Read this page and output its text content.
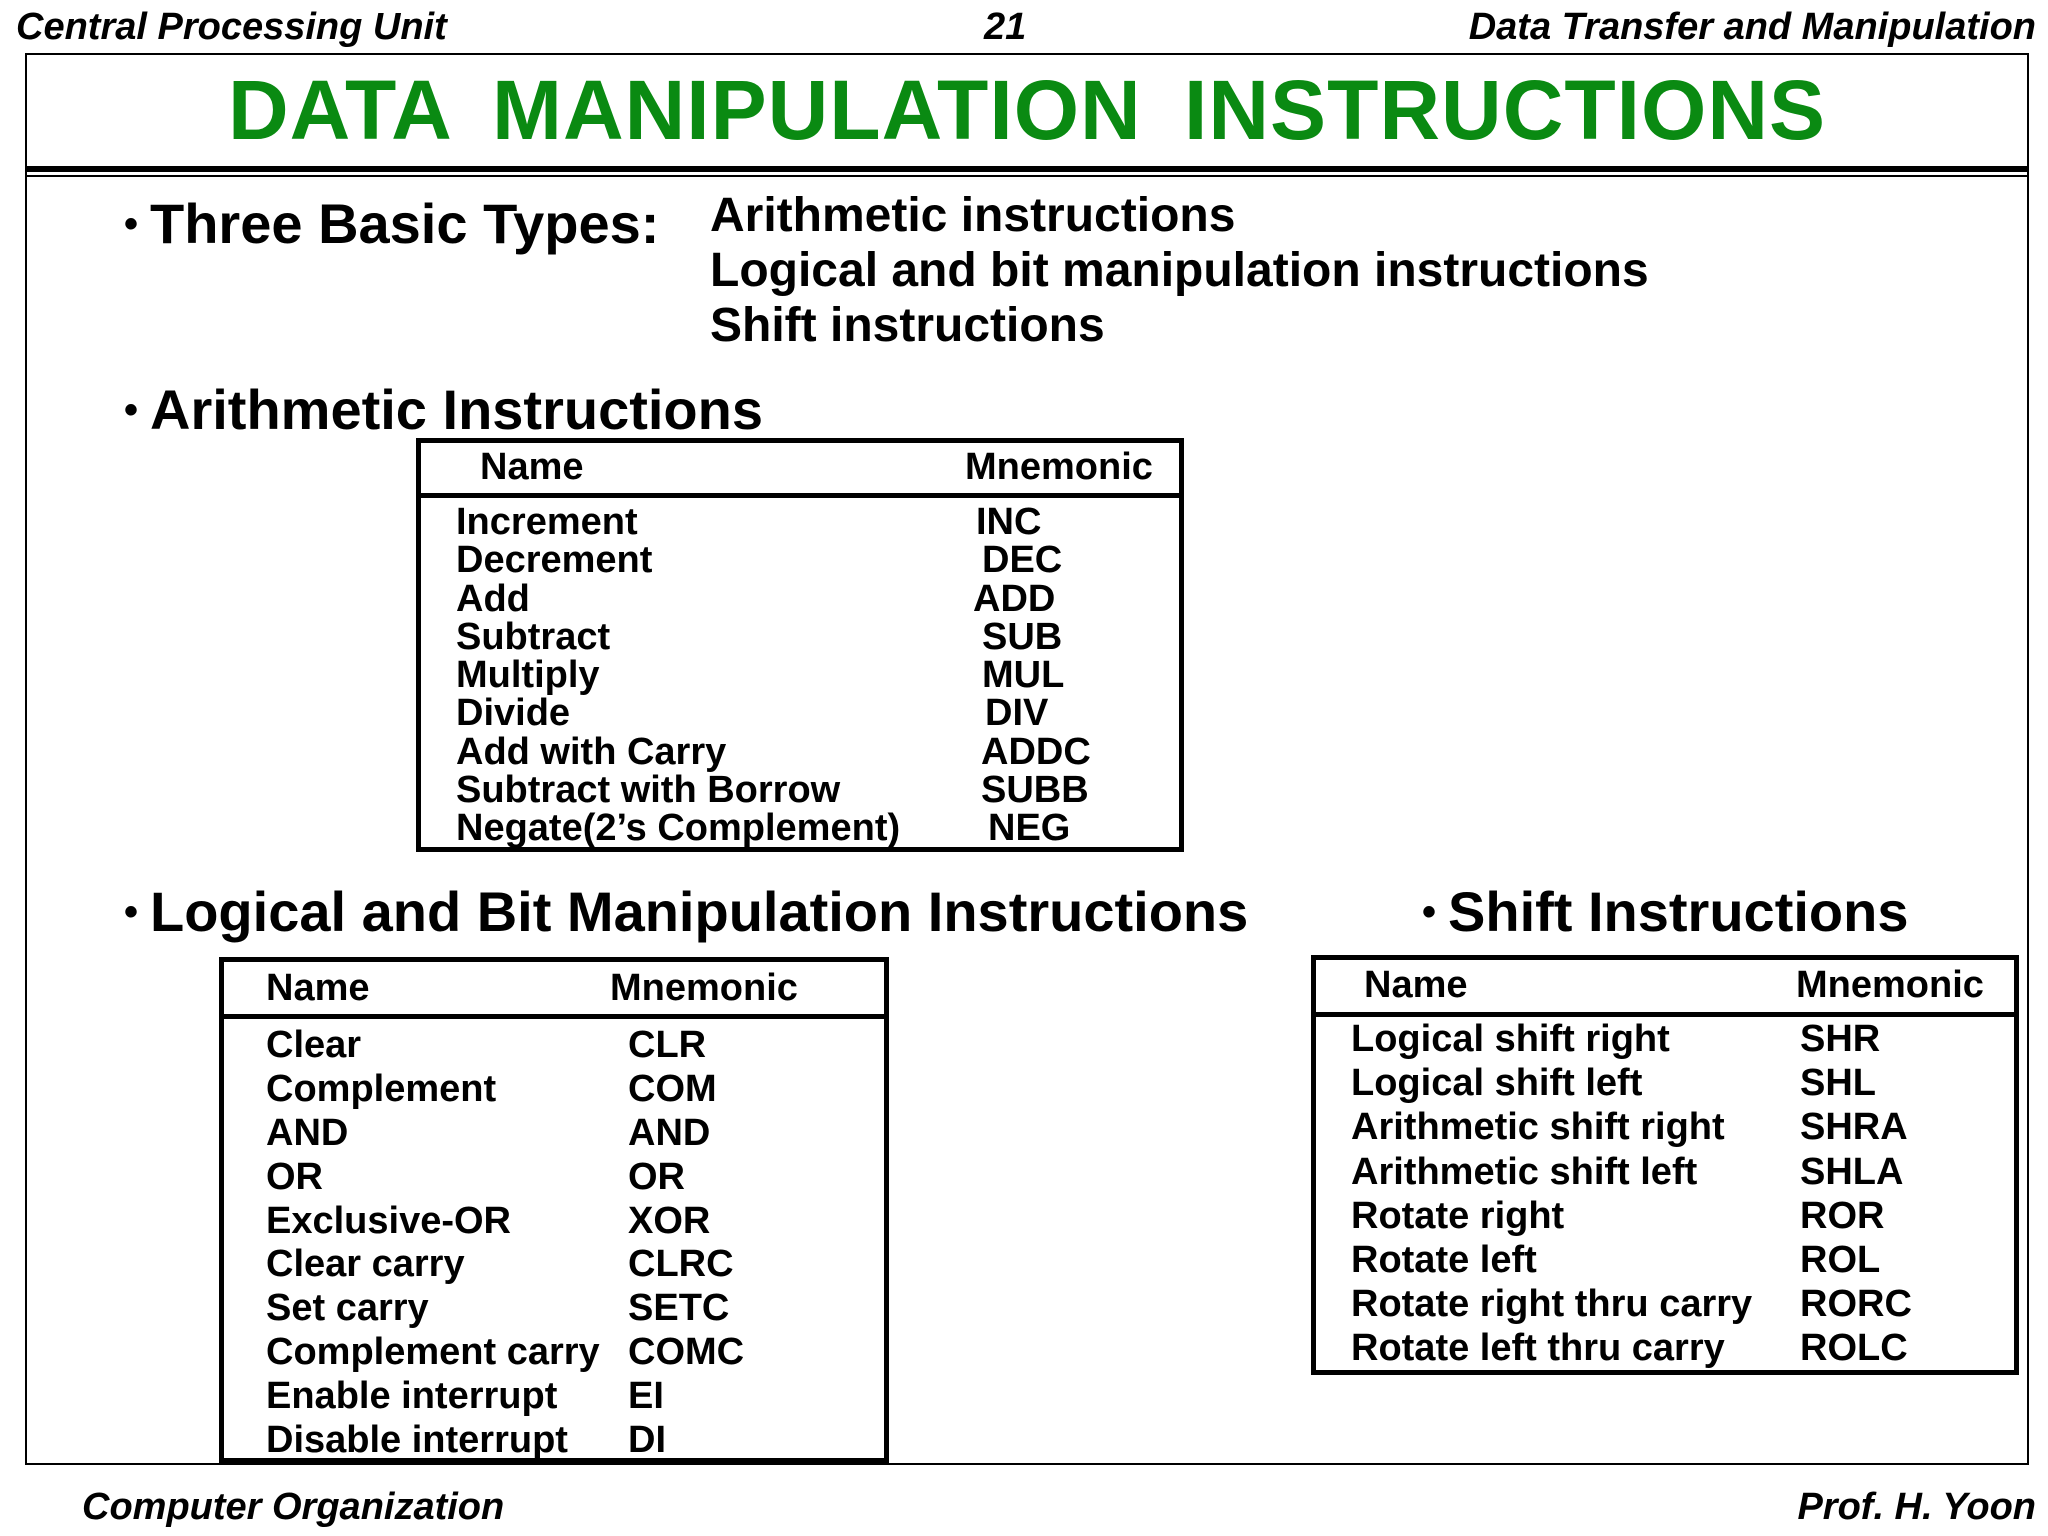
Central Processing Unit	21	Data Transfer and Manipulation
DATA MANIPULATION INSTRUCTIONS
• Three Basic Types: Arithmetic instructions
Logical and bit manipulation instructions
Shift instructions
• Arithmetic Instructions
Name	Mnemonic
Increment	INC
Decrement	DEC
Add	ADD
Subtract	SUB
Multiply	MUL
Divide	DIV
Add with Carry	ADDC
Subtract with Borrow	SUBB
Negate(2’s Complement) NEG
• Logical and Bit Manipulation Instructions
Name	Mnemonic
Clear	CLR
Complement	COM
AND	AND
OR	OR
Exclusive-OR	XOR
Clear carry	CLRC
Set carry	SETC
Complement carry COMC
Enable interrupt EI
Disable interrupt DI
• Shift Instructions
Name	Mnemonic
Logical shift right	SHR
Logical shift left	SHL
Arithmetic shift right SHRA
Arithmetic shift left	SHLA
Rotate right	ROR
Rotate left	ROL
Rotate right thru carry RORC
Rotate left thru carry ROLC
Computer Organization	Prof. H. Yoon
